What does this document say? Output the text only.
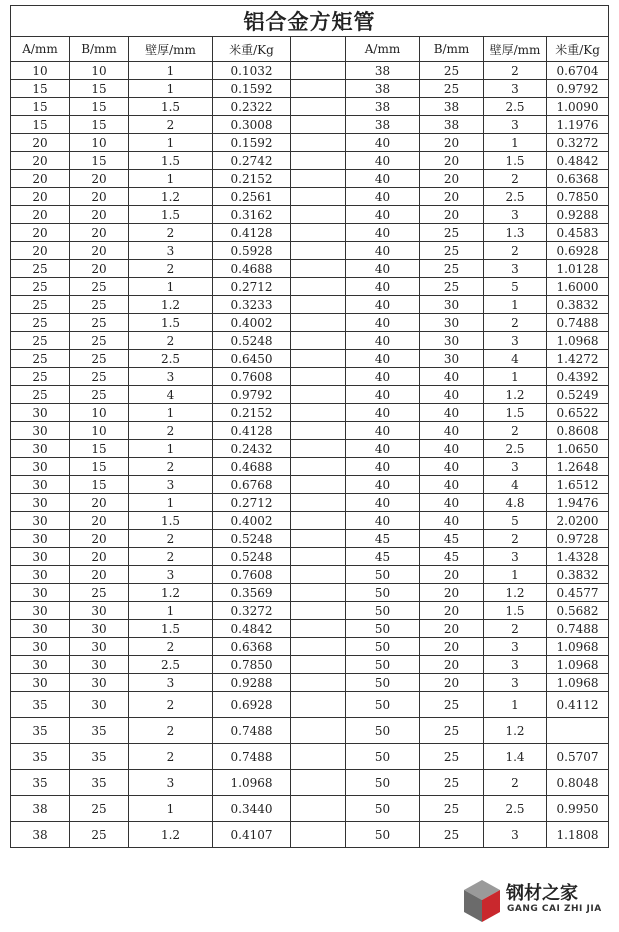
铝合金方矩管								
A/mm	B/mm	壁厚/mm	米重/Kg		A/mm	B/mm	壁厚/mm	米重/Kg
10	10	1	0.1032		38	25	2	0.6704
15	15	1	0.1592		38	25	3	0.9792
15	15	1.5	0.2322		38	38	2.5	1.0090
15	15	2	0.3008		38	38	3	1.1976
20	10	1	0.1592		40	20	1	0.3272
20	15	1.5	0.2742		40	20	1.5	0.4842
20	20	1	0.2152		40	20	2	0.6368
20	20	1.2	0.2561		40	20	2.5	0.7850
20	20	1.5	0.3162		40	20	3	0.9288
20	20	2	0.4128		40	25	1.3	0.4583
20	20	3	0.5928		40	25	2	0.6928
25	20	2	0.4688		40	25	3	1.0128
25	25	1	0.2712		40	25	5	1.6000
25	25	1.2	0.3233		40	30	1	0.3832
25	25	1.5	0.4002		40	30	2	0.7488
25	25	2	0.5248		40	30	3	1.0968
25	25	2.5	0.6450		40	30	4	1.4272
25	25	3	0.7608		40	40	1	0.4392
25	25	4	0.9792		40	40	1.2	0.5249
30	10	1	0.2152		40	40	1.5	0.6522
30	10	2	0.4128		40	40	2	0.8608
30	15	1	0.2432		40	40	2.5	1.0650
30	15	2	0.4688		40	40	3	1.2648
30	15	3	0.6768		40	40	4	1.6512
30	20	1	0.2712		40	40	4.8	1.9476
30	20	1.5	0.4002		40	40	5	2.0200
30	20	2	0.5248		45	45	2	0.9728
30	20	2	0.5248		45	45	3	1.4328
30	20	3	0.7608		50	20	1	0.3832
30	25	1.2	0.3569		50	20	1.2	0.4577
30	30	1	0.3272		50	20	1.5	0.5682
30	30	1.5	0.4842		50	20	2	0.7488
30	30	2	0.6368		50	20	3	1.0968
30	30	2.5	0.7850		50	20	3	1.0968
30	30	3	0.9288		50	20	3	1.0968
35	30	2	0.6928		50	25	1	0.4112
35	35	2	0.7488		50	25	1.2	
35	35	2	0.7488		50	25	1.4	0.5707
35	35	3	1.0968		50	25	2	0.8048
38	25	1	0.3440		50	25	2.5	0.9950
38	25	1.2	0.4107		50	25	3	1.1808
钢材之家
GANG CAI ZHI JIA
